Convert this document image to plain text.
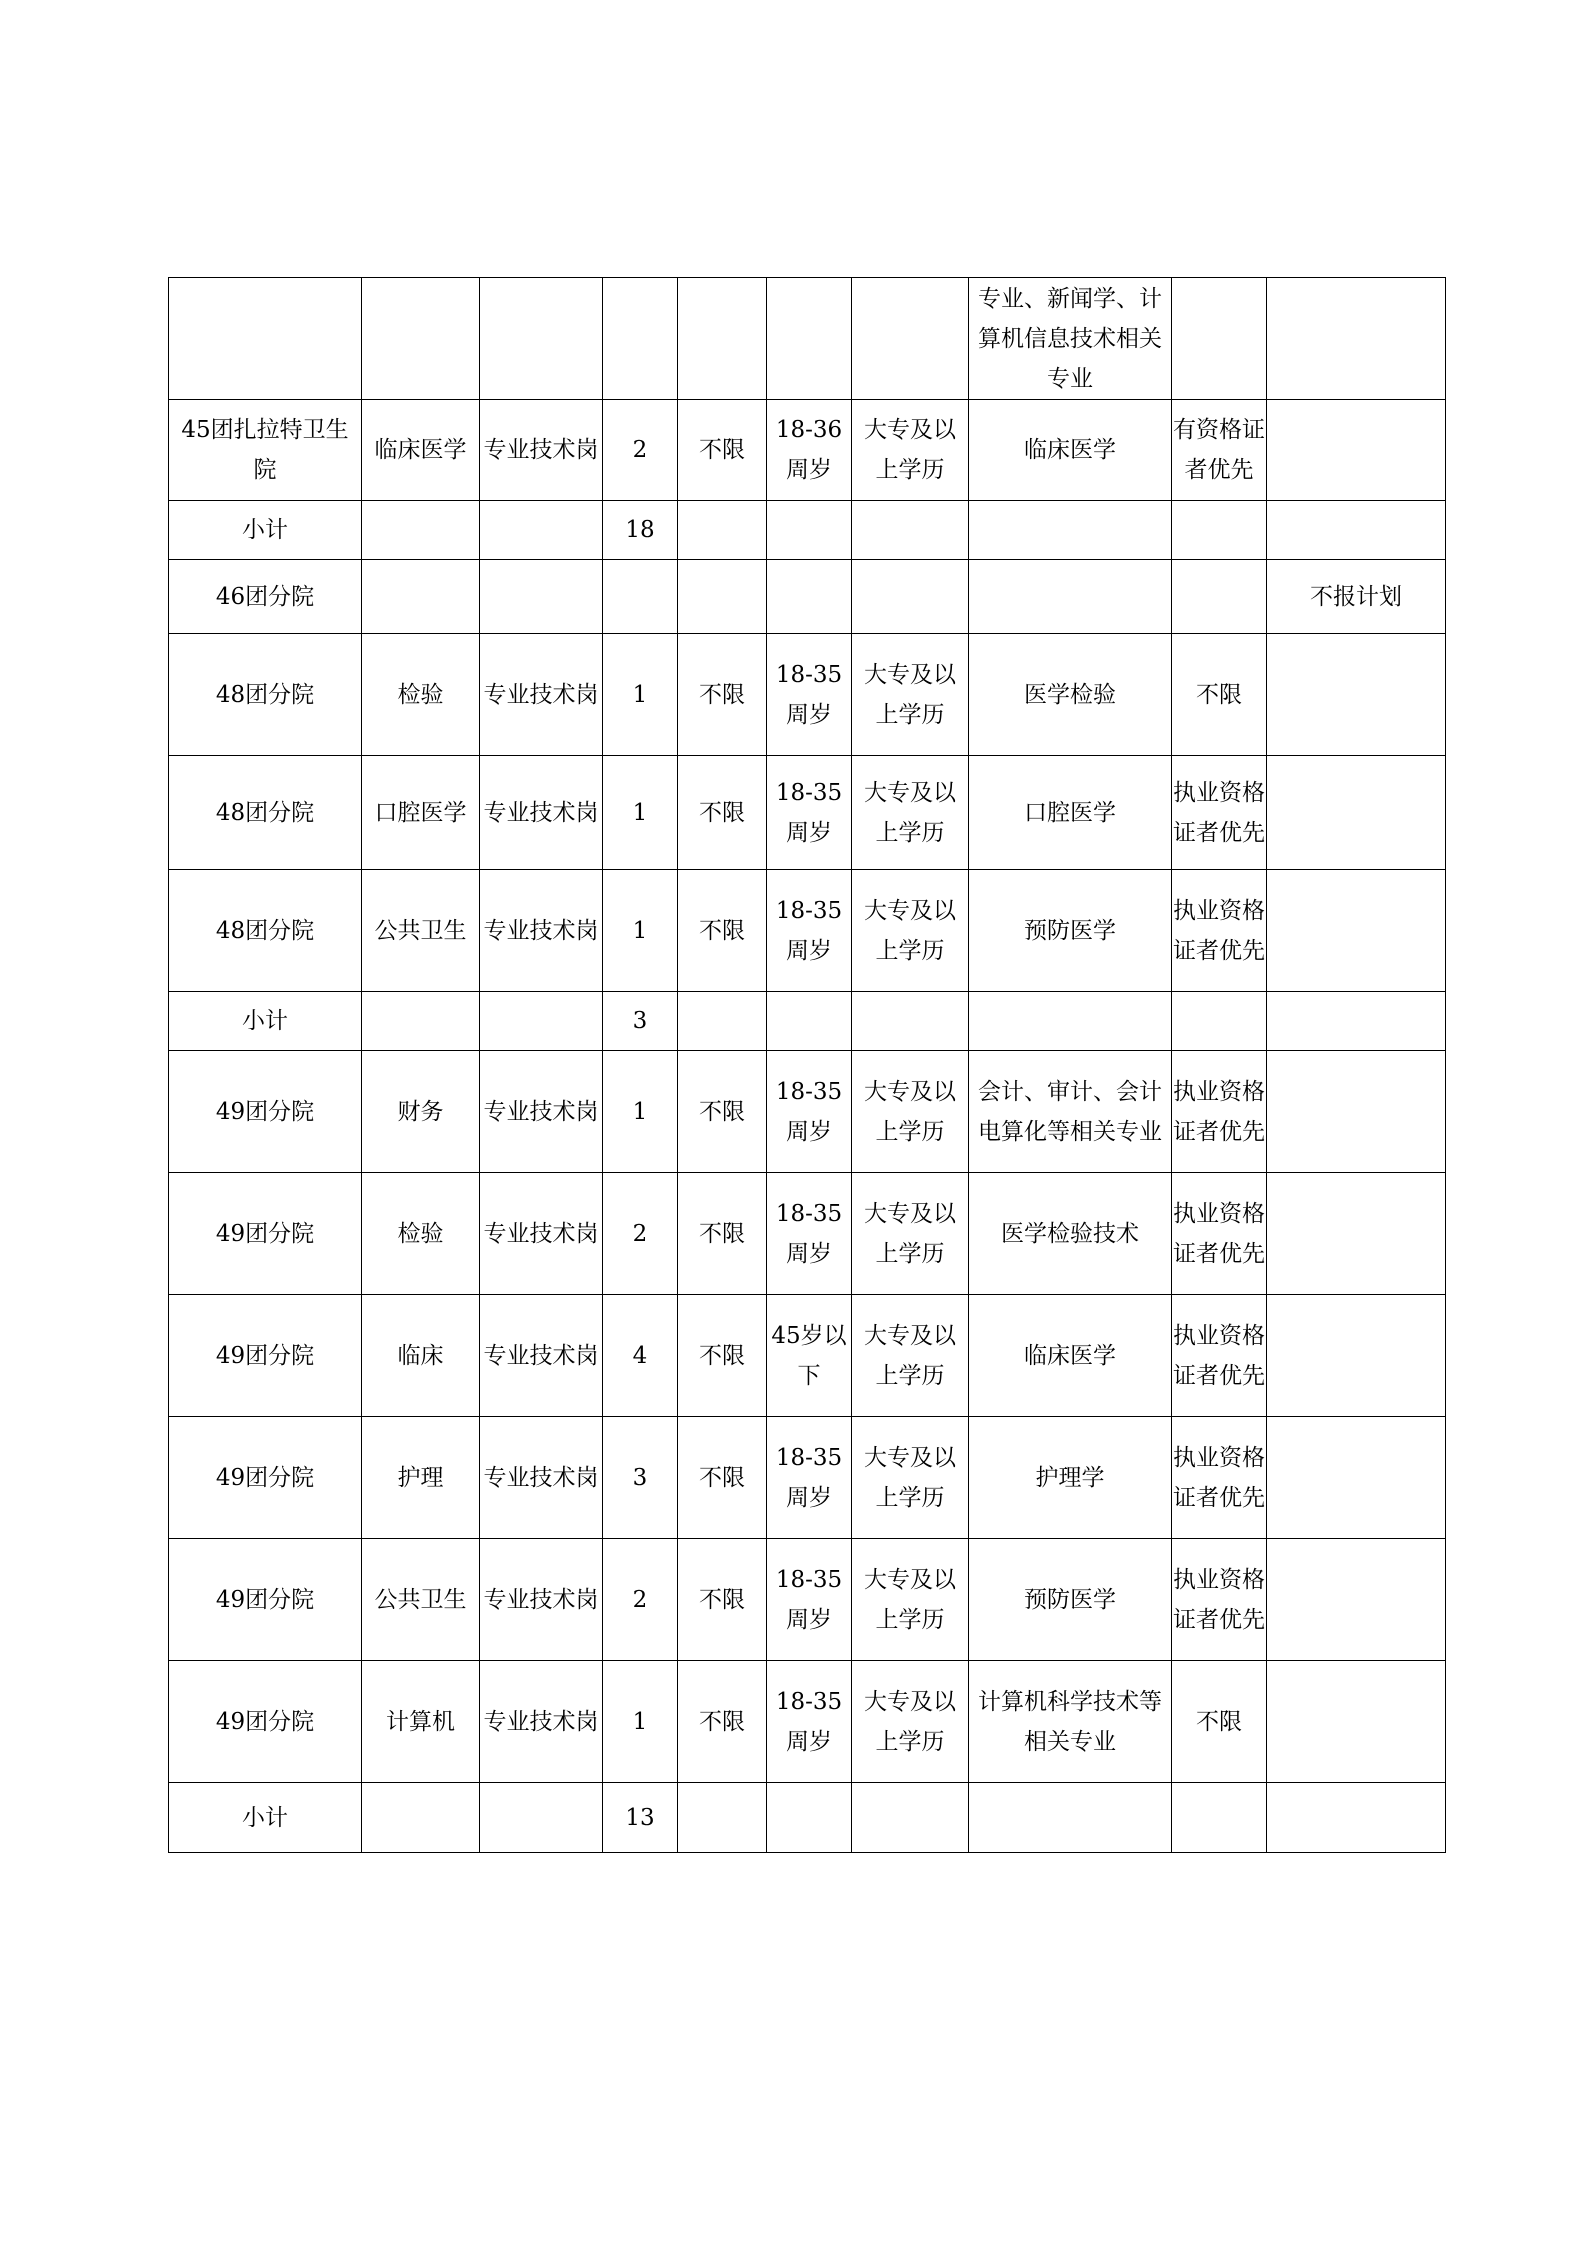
							专业、新闻学、计算机信息技术相关专业		
45团扎拉特卫生院	临床医学	专业技术岗	2	不限	18-36周岁	大专及以上学历	临床医学	有资格证者优先	
小计			18						
46团分院									不报计划
48团分院	检验	专业技术岗	1	不限	18-35周岁	大专及以上学历	医学检验	不限	
48团分院	口腔医学	专业技术岗	1	不限	18-35周岁	大专及以上学历	口腔医学	执业资格证者优先	
48团分院	公共卫生	专业技术岗	1	不限	18-35周岁	大专及以上学历	预防医学	执业资格证者优先	
小计			3						
49团分院	财务	专业技术岗	1	不限	18-35周岁	大专及以上学历	会计、审计、会计电算化等相关专业	执业资格证者优先	
49团分院	检验	专业技术岗	2	不限	18-35周岁	大专及以上学历	医学检验技术	执业资格证者优先	
49团分院	临床	专业技术岗	4	不限	45岁以下	大专及以上学历	临床医学	执业资格证者优先	
49团分院	护理	专业技术岗	3	不限	18-35周岁	大专及以上学历	护理学	执业资格证者优先	
49团分院	公共卫生	专业技术岗	2	不限	18-35周岁	大专及以上学历	预防医学	执业资格证者优先	
49团分院	计算机	专业技术岗	1	不限	18-35周岁	大专及以上学历	计算机科学技术等相关专业	不限	
小计			13						
